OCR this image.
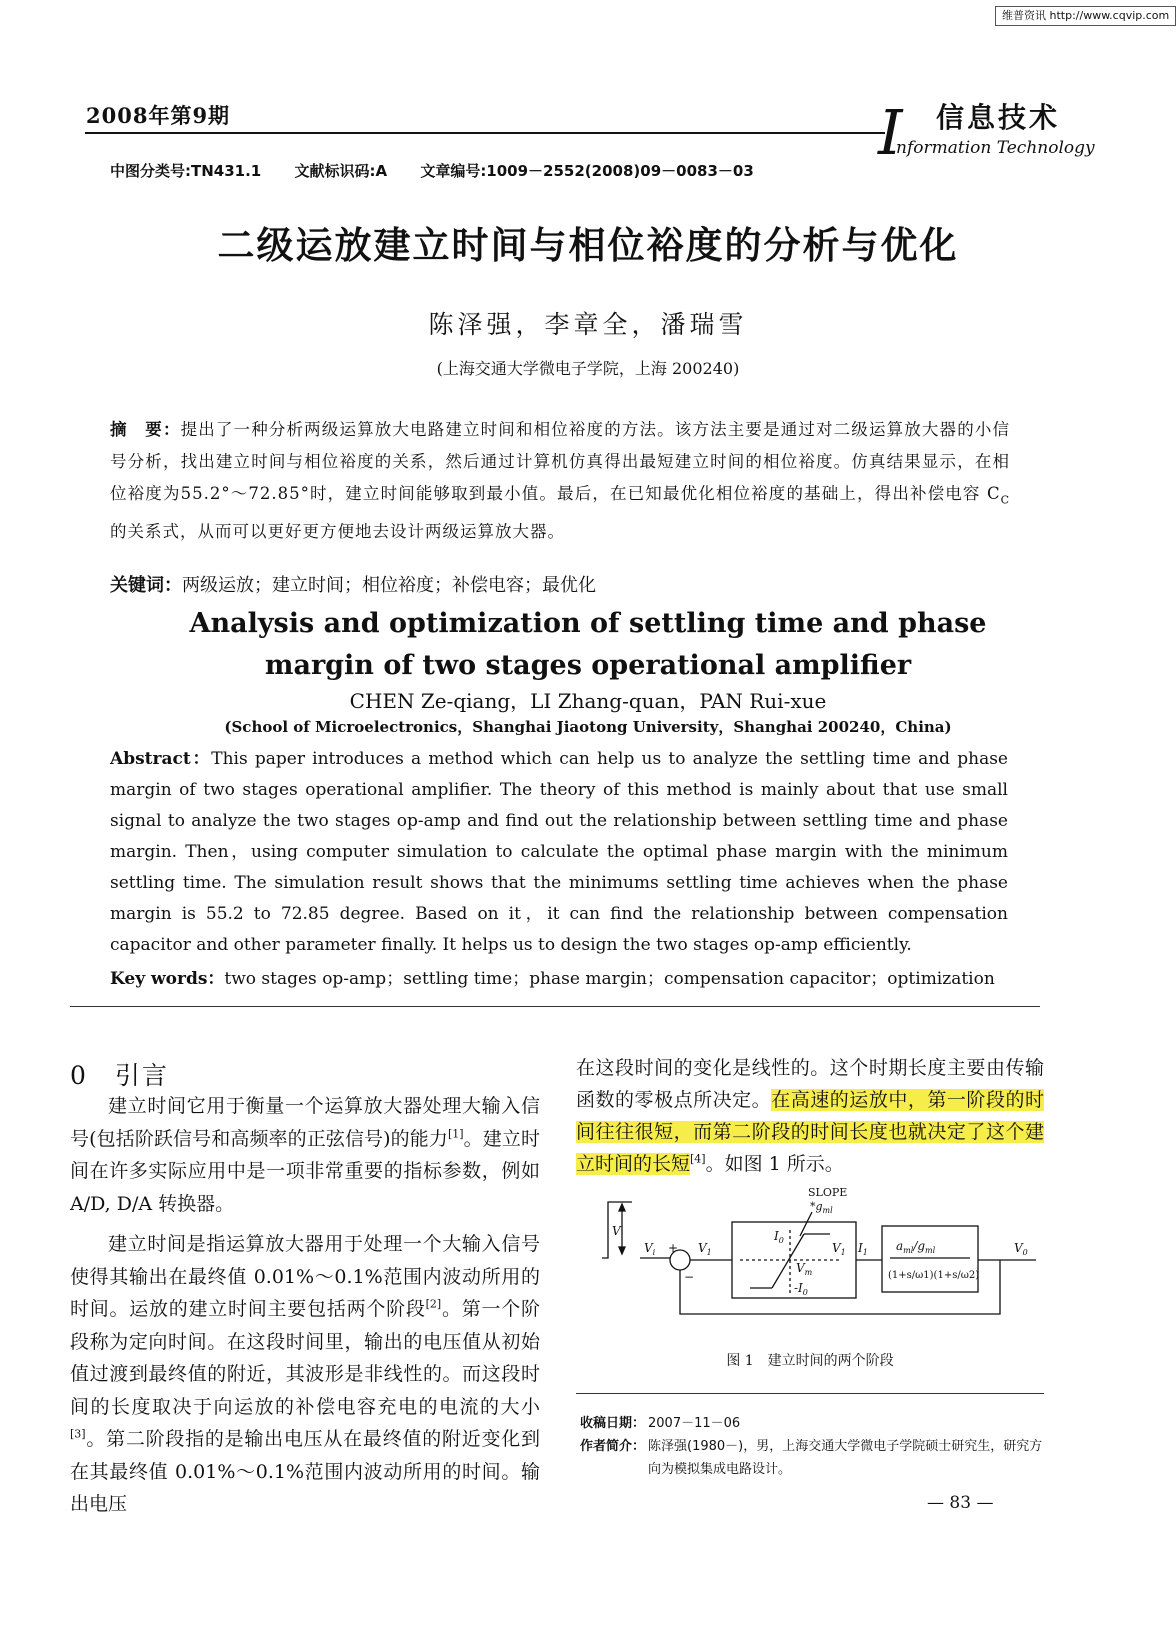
维普资讯 http://www.cqvip.com
2008年第9期	I 信息技术
nformation Technology
中图分类号:TN431.1 文献标识码:A 文章编号:1009－2552(2008)09－0083－03
二级运放建立时间与相位裕度的分析与优化
陈泽强，李章全，潘瑞雪
(上海交通大学微电子学院，上海 200240)
摘　要：提出了一种分析两级运算放大电路建立时间和相位裕度的方法。该方法主要是通过对二级运算放大器的小信号分析，找出建立时间与相位裕度的关系，然后通过计算机仿真得出最短建立时间的相位裕度。仿真结果显示，在相位裕度为55.2°～72.85°时，建立时间能够取到最小值。最后，在已知最优化相位裕度的基础上，得出补偿电容 $C_C$ 的关系式，从而可以更好更方便地去设计两级运算放大器。
关键词：两级运放；建立时间；相位裕度；补偿电容；最优化
Analysis and optimization of settling time and phase
margin of two stages operational amplifier
CHEN Ze-qiang，LI Zhang-quan，PAN Rui-xue
(School of Microelectronics，Shanghai Jiaotong University，Shanghai 200240，China)
Abstract：This paper introduces a method which can help us to analyze the settling time and phase margin of two stages operational amplifier. The theory of this method is mainly about that use small signal to analyze the two stages op-amp and find out the relationship between settling time and phase margin. Then，using computer simulation to calculate the optimal phase margin with the minimum settling time. The simulation result shows that the minimums settling time achieves when the phase margin is 55.2 to 72.85 degree. Based on it，it can find the relationship between compensation capacitor and other parameter finally. It helps us to design the two stages op-amp efficiently.
Key words：two stages op-amp；settling time；phase margin；compensation capacitor；optimization
0　引言

建立时间它用于衡量一个运算放大器处理大输入信号(包括阶跃信号和高频率的正弦信号)的能力[1]。建立时间在许多实际应用中是一项非常重要的指标参数，例如 A/D, D/A 转换器。

建立时间是指运算放大器用于处理一个大输入信号使得其输出在最终值 0.01%～0.1%范围内波动所用的时间。运放的建立时间主要包括两个阶段[2]。第一个阶段称为定向时间。在这段时间里，输出的电压值从初始值过渡到最终值的附近，其波形是非线性的。而这段时间的长度取决于向运放的补偿电容充电的电流的大小[3]。第二阶段指的是输出电压从在最终值的附近变化到在其最终值 0.01%～0.1%范围内波动所用的时间。输出电压

在这段时间的变化是线性的。这个时期长度主要由传输函数的零极点所决定。在高速的运放中，第一阶段的时间往往很短，而第二阶段的时间长度也就决定了这个建立时间的长短[4]。如图 1 所示。
V
$V_i$ +
−
$V_1$
$I_0$
$V_m$
$-I_0$
$V_1$
SLOPE
$*g_{ml}$
$I_1$ $a_{ml}/g_{ml}$
(1+s/ω1)(1+s/ω2)
$V_0$
图 1　建立时间的两个阶段
收稿日期： 2007－11－06
作者简介： 陈泽强(1980－)，男，上海交通大学微电子学院硕士研究生，研究方向为模拟集成电路设计。
— 83 —
